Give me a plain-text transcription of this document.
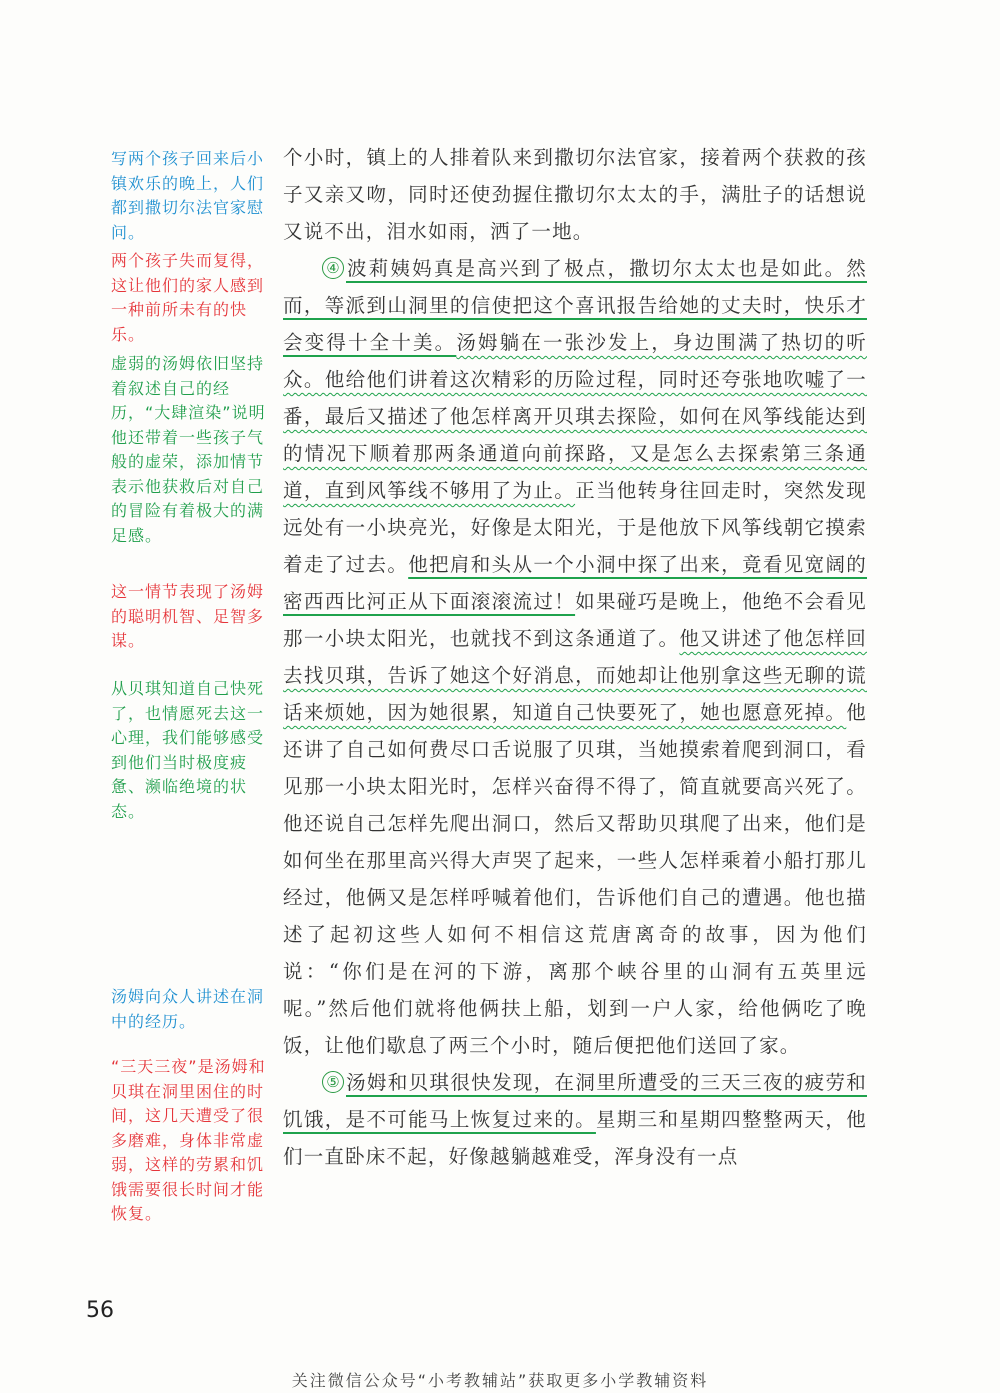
写两个孩子回来后小镇欢乐的晚上，人们都到撒切尔法官家慰问。
两个孩子失而复得，这让他们的家人感到一种前所未有的快乐。
虚弱的汤姆依旧坚持着叙述自己的经历，“大肆渲染”说明他还带着一些孩子气般的虚荣，添加情节表示他获救后对自己的冒险有着极大的满足感。
这一情节表现了汤姆的聪明机智、足智多谋。
从贝琪知道自己快死了，也情愿死去这一心理，我们能够感受到他们当时极度疲惫、濒临绝境的状态。
汤姆向众人讲述在洞中的经历。
“三天三夜”是汤姆和贝琪在洞里困住的时间，这几天遭受了很多磨难，身体非常虚弱，这样的劳累和饥饿需要很长时间才能恢复。

个小时，镇上的人排着队来到撒切尔法官家，接着两个获救的孩子又亲又吻，同时还使劲握住撒切尔太太的手，满肚子的话想说又说不出，泪水如雨，洒了一地。

④ 波莉姨妈真是高兴到了极点，撒切尔太太也是如此。然而，等派到山洞里的信使把这个喜讯报告给她的丈夫时，快乐才会变得十全十美。汤姆躺在一张沙发上，身边围满了热切的听众。他给他们讲着这次精彩的历险过程，同时还夸张地吹嘘了一番，最后又描述了他怎样离开贝琪去探险，如何在风筝线能达到的情况下顺着那两条通道向前探路，又是怎么去探索第三条通道，直到风筝线不够用了为止。正当他转身往回走时，突然发现远处有一小块亮光，好像是太阳光，于是他放下风筝线朝它摸索着走了过去。他把肩和头从一个小洞中探了出来，竟看见宽阔的密西西比河正从下面滚滚流过！如果碰巧是晚上，他绝不会看见那一小块太阳光，也就找不到这条通道了。他又讲述了他怎样回去找贝琪，告诉了她这个好消息，而她却让他别拿这些无聊的谎话来烦她，因为她很累，知道自己快要死了，她也愿意死掉。他还讲了自己如何费尽口舌说服了贝琪，当她摸索着爬到洞口，看见那一小块太阳光时，怎样兴奋得不得了，简直就要高兴死了。他还说自己怎样先爬出洞口，然后又帮助贝琪爬了出来，他们是如何坐在那里高兴得大声哭了起来，一些人怎样乘着小船打那儿经过，他俩又是怎样呼喊着他们，告诉他们自己的遭遇。他也描述了起初这些人如何不相信这荒唐离奇的故事，因为他们说：“你们是在河的下游，离那个峡谷里的山洞有五英里远呢。”然后他们就将他俩扶上船，划到一户人家，给他俩吃了晚饭，让他们歇息了两三个小时，随后便把他们送回了家。

⑤ 汤姆和贝琪很快发现，在洞里所遭受的三天三夜的疲劳和饥饿，是不可能马上恢复过来的。星期三和星期四整整两天，他们一直卧床不起，好像越躺越难受，浑身没有一点

56
关注微信公众号“小考教辅站”获取更多小学教辅资料
